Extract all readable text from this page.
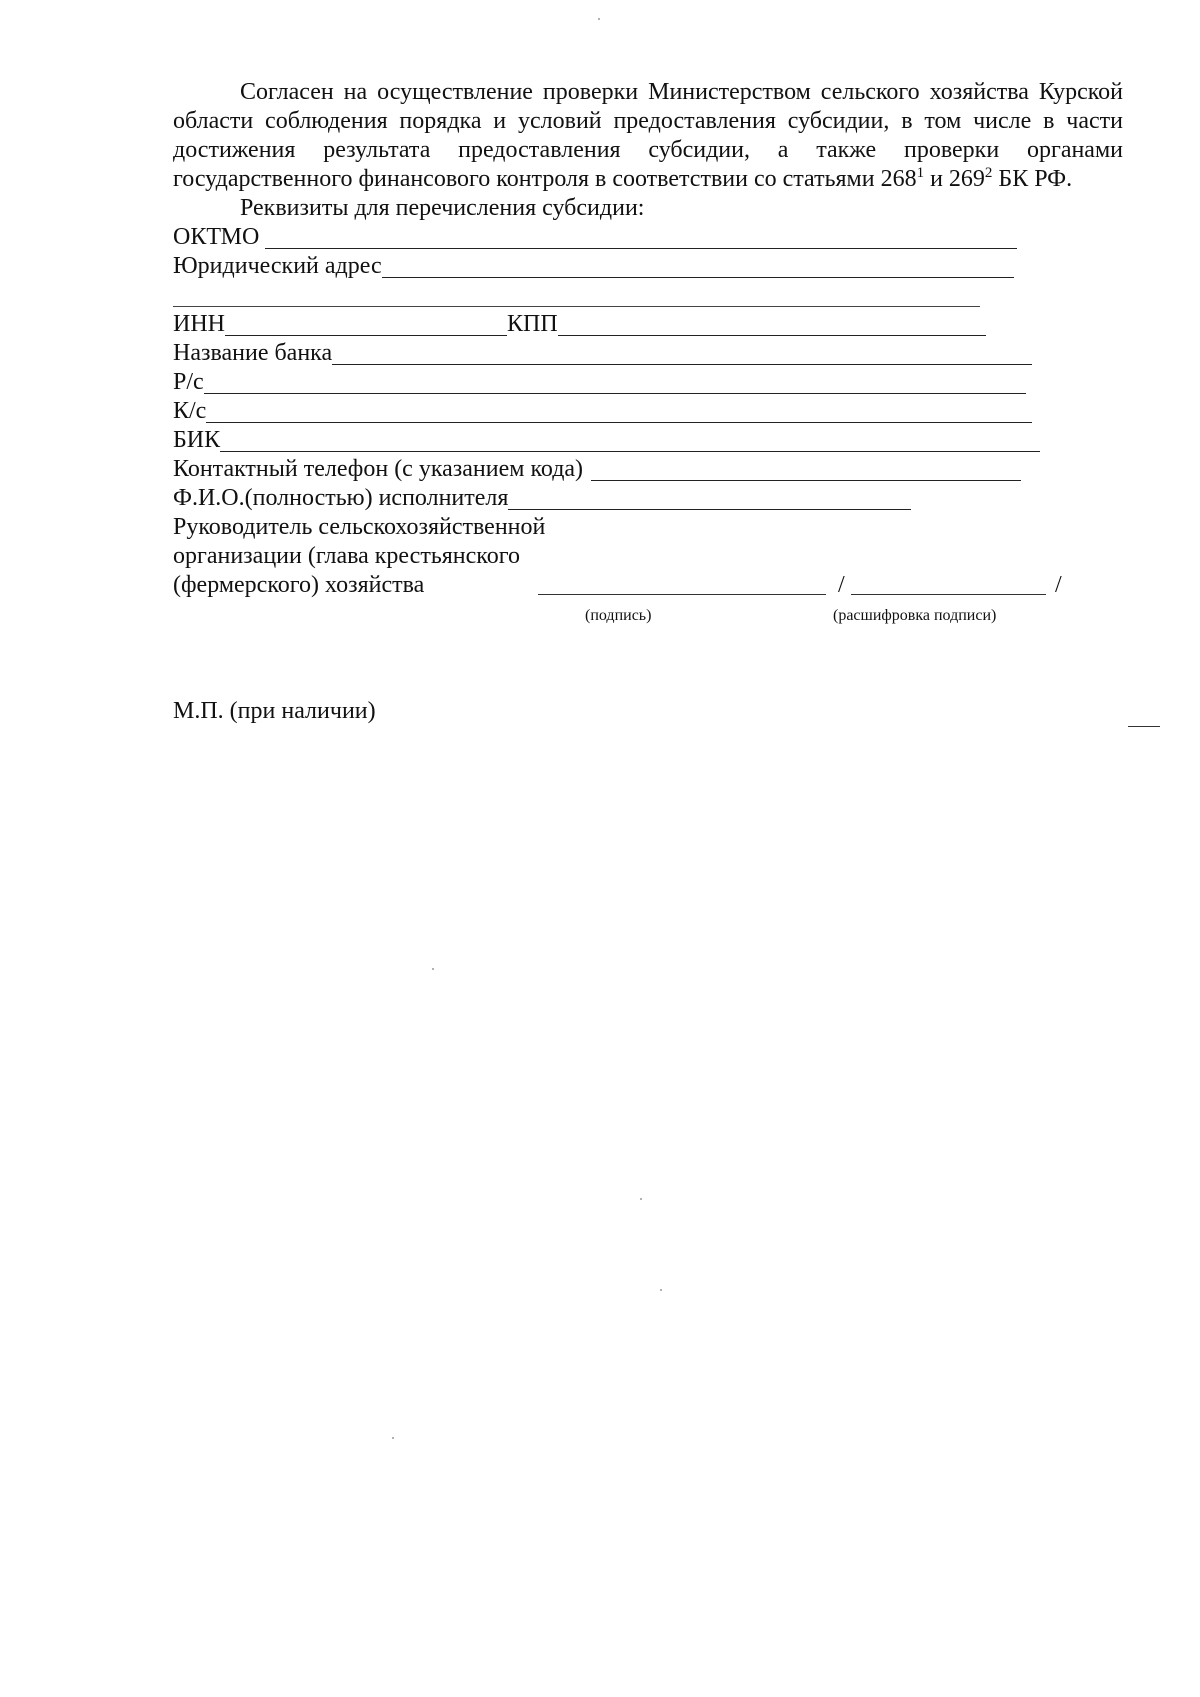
Согласен на осуществление проверки Министерством сельского хозяйства Курской области соблюдения порядка и условий предоставления субсидии, в том числе в части достижения результата предоставления субсидии, а также проверки органами государственного финансового контроля в соответствии со статьями $268^1$ и $269^2$ БК РФ.

Реквизиты для перечисления субсидии:

ОКТМО
Юридический адрес
ИНН	КПП
Название банка
Р/с
К/с
БИК
Контактный телефон (с указанием кода)
Ф.И.О.(полностью) исполнителя
Руководитель сельскохозяйственной
организации (глава крестьянского
(фермерского) хозяйства	/	/
(подпись)	(расшифровка подписи)
М.П. (при наличии)
